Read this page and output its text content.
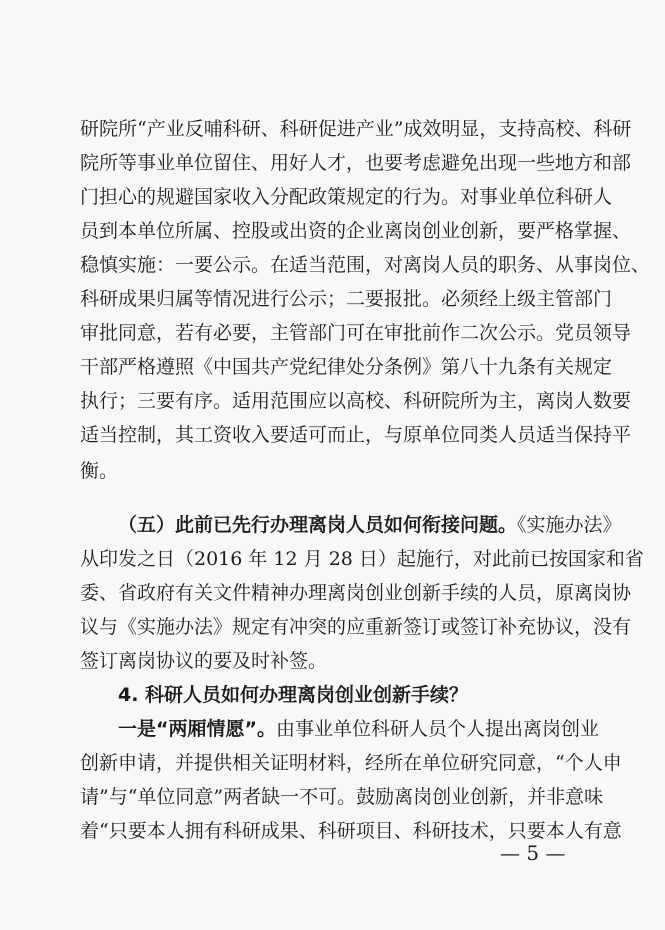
研院所“产业反哺科研、科研促进产业”成效明显，支持高校、科研
院所等事业单位留住、用好人才，也要考虑避免出现一些地方和部
门担心的规避国家收入分配政策规定的行为。对事业单位科研人
员到本单位所属、控股或出资的企业离岗创业创新，要严格掌握、
稳慎实施：一要公示。在适当范围，对离岗人员的职务、从事岗位、
科研成果归属等情况进行公示；二要报批。必须经上级主管部门
审批同意，若有必要，主管部门可在审批前作二次公示。党员领导
干部严格遵照《中国共产党纪律处分条例》第八十九条有关规定
执行；三要有序。适用范围应以高校、科研院所为主，离岗人数要
适当控制，其工资收入要适可而止，与原单位同类人员适当保持平
衡。
（五）此前已先行办理离岗人员如何衔接问题。《实施办法》
从印发之日（2016 年 12 月 28 日）起施行，对此前已按国家和省
委、省政府有关文件精神办理离岗创业创新手续的人员，原离岗协
议与《实施办法》规定有冲突的应重新签订或签订补充协议，没有
签订离岗协议的要及时补签。
4. 科研人员如何办理离岗创业创新手续？
一是“两厢情愿”。由事业单位科研人员个人提出离岗创业
创新申请，并提供相关证明材料，经所在单位研究同意，“个人申
请”与“单位同意”两者缺一不可。鼓励离岗创业创新，并非意味
着“只要本人拥有科研成果、科研项目、科研技术，只要本人有意
— 5 —
